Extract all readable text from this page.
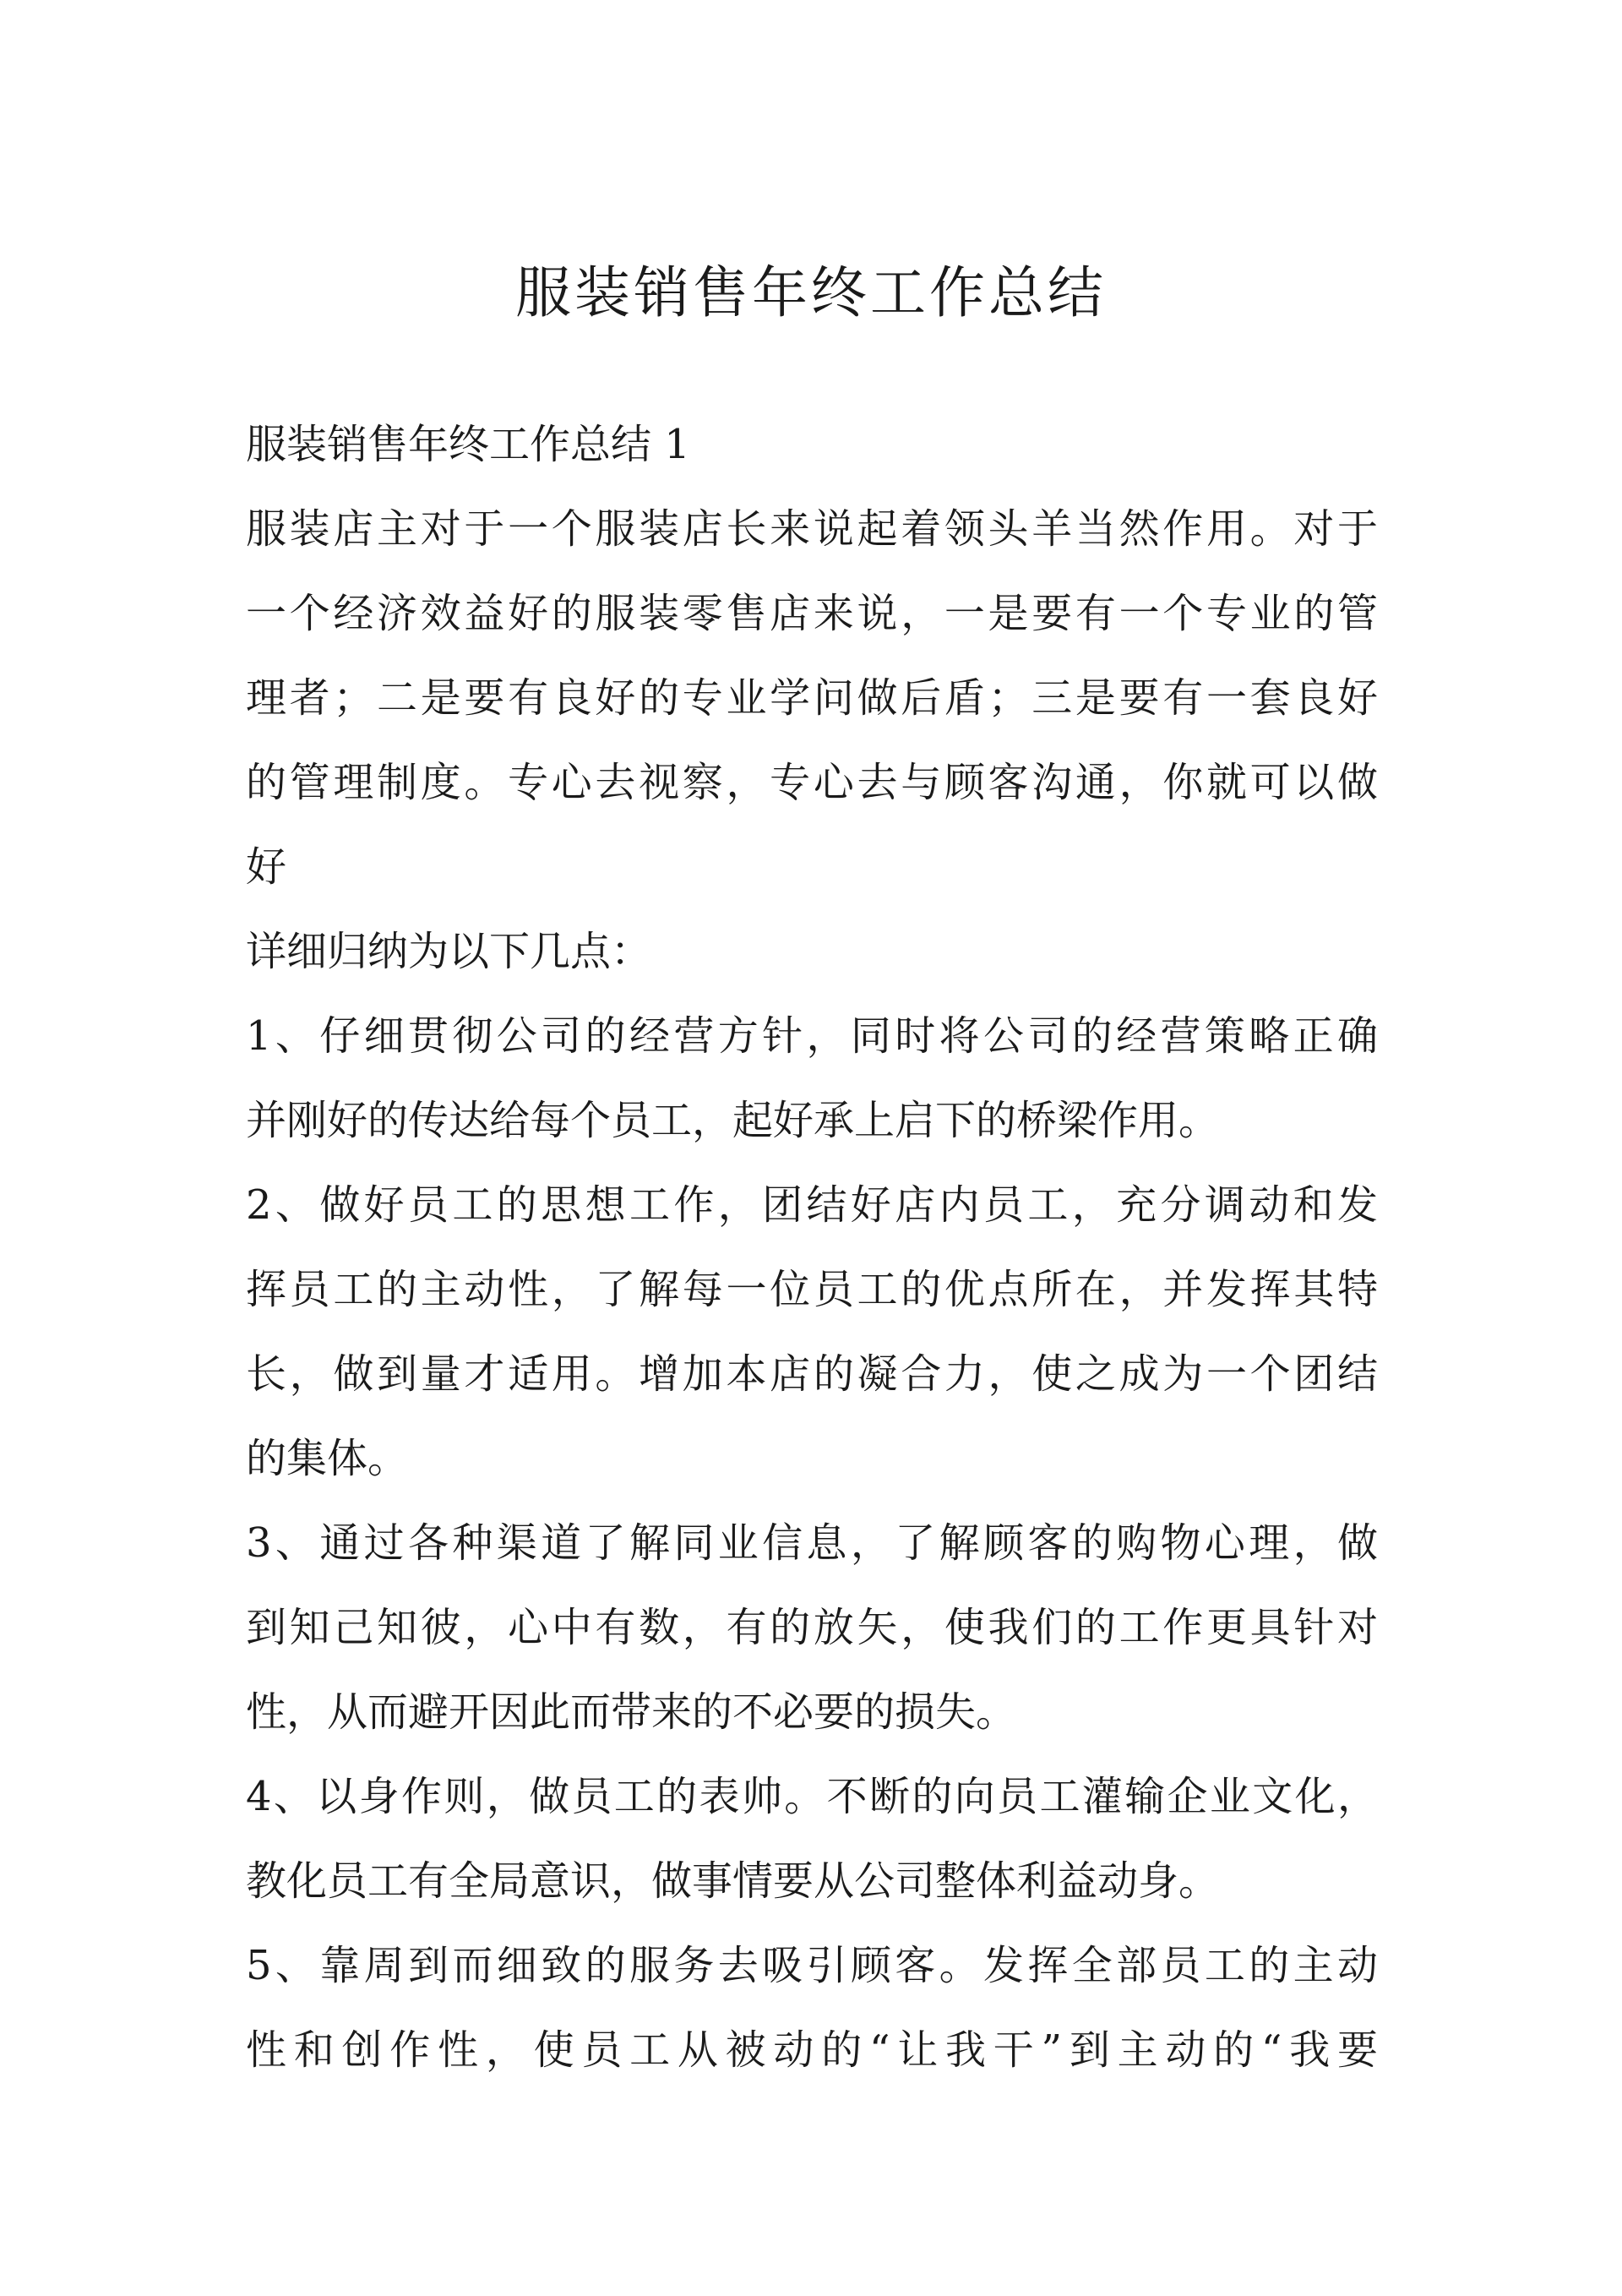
服装销售年终工作总结
服装销售年终工作总结 1
服装店主对于一个服装店长来说起着领头羊当然作用。对于
一个经济效益好的服装零售店来说，一是要有一个专业的管
理者；二是要有良好的专业学问做后盾；三是要有一套良好
的管理制度。专心去视察，专心去与顾客沟通，你就可以做
好
详细归纳为以下几点：
1、仔细贯彻公司的经营方针，同时将公司的经营策略正确
并刚好的传达给每个员工，起好承上启下的桥梁作用。
2、做好员工的思想工作，团结好店内员工，充分调动和发
挥员工的主动性，了解每一位员工的优点所在，并发挥其特
长，做到量才适用。增加本店的凝合力，使之成为一个团结
的集体。
3、通过各种渠道了解同业信息，了解顾客的购物心理，做
到知己知彼，心中有数，有的放矢，使我们的工作更具针对
性，从而避开因此而带来的不必要的损失。
4、以身作则，做员工的表帅。不断的向员工灌输企业文化，
教化员工有全局意识，做事情要从公司整体利益动身。
5、靠周到而细致的服务去吸引顾客。发挥全部员工的主动
性和创作性，使员工从被动的“让我干”到主动的“我要
